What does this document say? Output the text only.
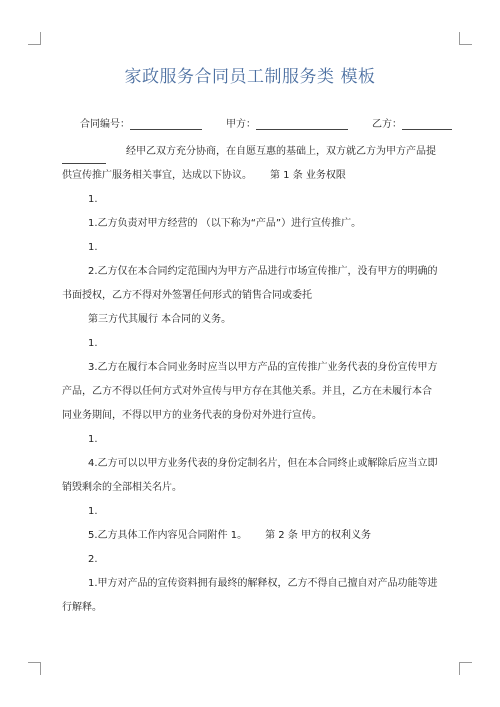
家政服务合同员工制服务类 模板
合同编号：	甲方：	乙方：

经甲乙双方充分协商，在自愿互惠的基础上，双方就乙方为甲方产品提

供宣传推广服务相关事宜，达成以下协议。 第 1 条 业务权限

1.

1.乙方负责对甲方经营的 （以下称为“产品”）进行宣传推广。

1.

2.乙方仅在本合同约定范围内为甲方产品进行市场宣传推广，没有甲方的明确的

书面授权，乙方不得对外签署任何形式的销售合同或委托

第三方代其履行 本合同的义务。

1.

3.乙方在履行本合同业务时应当以甲方产品的宣传推广业务代表的身份宣传甲方

产品，乙方不得以任何方式对外宣传与甲方存在其他关系。并且，乙方在未履行本合

同业务期间，不得以甲方的业务代表的身份对外进行宣传。

1.

4.乙方可以以甲方业务代表的身份定制名片，但在本合同终止或解除后应当立即

销毁剩余的全部相关名片。

1.

5.乙方具体工作内容见合同附件 1。 第 2 条 甲方的权利义务

2.

1.甲方对产品的宣传资料拥有最终的解释权，乙方不得自己擅自对产品功能等进

行解释。
